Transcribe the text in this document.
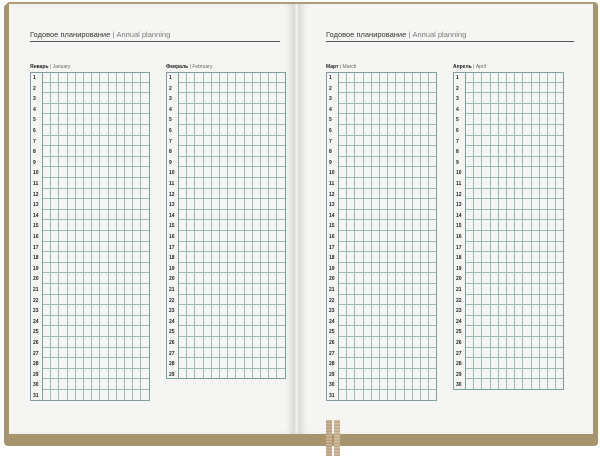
Годовое планирование | Annual planning
Январь | January
1
2
3
4
5
6
7
8
9
10
11
12
13
14
15
16
17
18
19
20
21
22
23
24
25
26
27
28
29
30
31
Февраль | February
1
2
3
4
5
6
7
8
9
10
11
12
13
14
15
16
17
18
19
20
21
22
23
24
25
26
27
28
29
Годовое планирование | Annual planning
Март | March
1
2
3
4
5
6
7
8
9
10
11
12
13
14
15
16
17
18
19
20
21
22
23
24
25
26
27
28
29
30
31
Апрель | April
1
2
3
4
5
6
7
8
9
10
11
12
13
14
15
16
17
18
19
20
21
22
23
24
25
26
27
28
29
30
